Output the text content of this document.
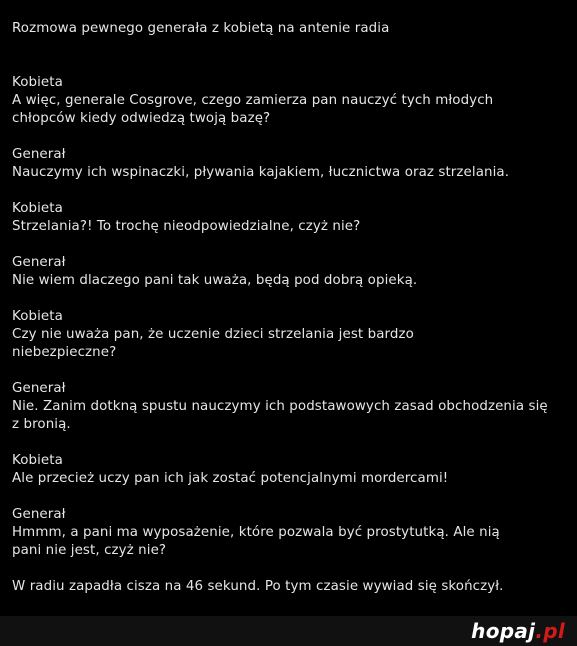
Rozmowa pewnego generała z kobietą na antenie radia
Kobieta
A więc, generale Cosgrove, czego zamierza pan nauczyć tych młodych
chłopców kiedy odwiedzą twoją bazę?
Generał
Nauczymy ich wspinaczki, pływania kajakiem, łucznictwa oraz strzelania.
Kobieta
Strzelania?! To trochę nieodpowiedzialne, czyż nie?
Generał
Nie wiem dlaczego pani tak uważa, będą pod dobrą opieką.
Kobieta
Czy nie uważa pan, że uczenie dzieci strzelania jest bardzo
niebezpieczne?
Generał
Nie. Zanim dotkną spustu nauczymy ich podstawowych zasad obchodzenia się
z bronią.
Kobieta
Ale przecież uczy pan ich jak zostać potencjalnymi mordercami!
Generał
Hmmm, a pani ma wyposażenie, które pozwala być prostytutką. Ale nią
pani nie jest, czyż nie?
W radiu zapadła cisza na 46 sekund. Po tym czasie wywiad się skończył.
hopaj.pl
